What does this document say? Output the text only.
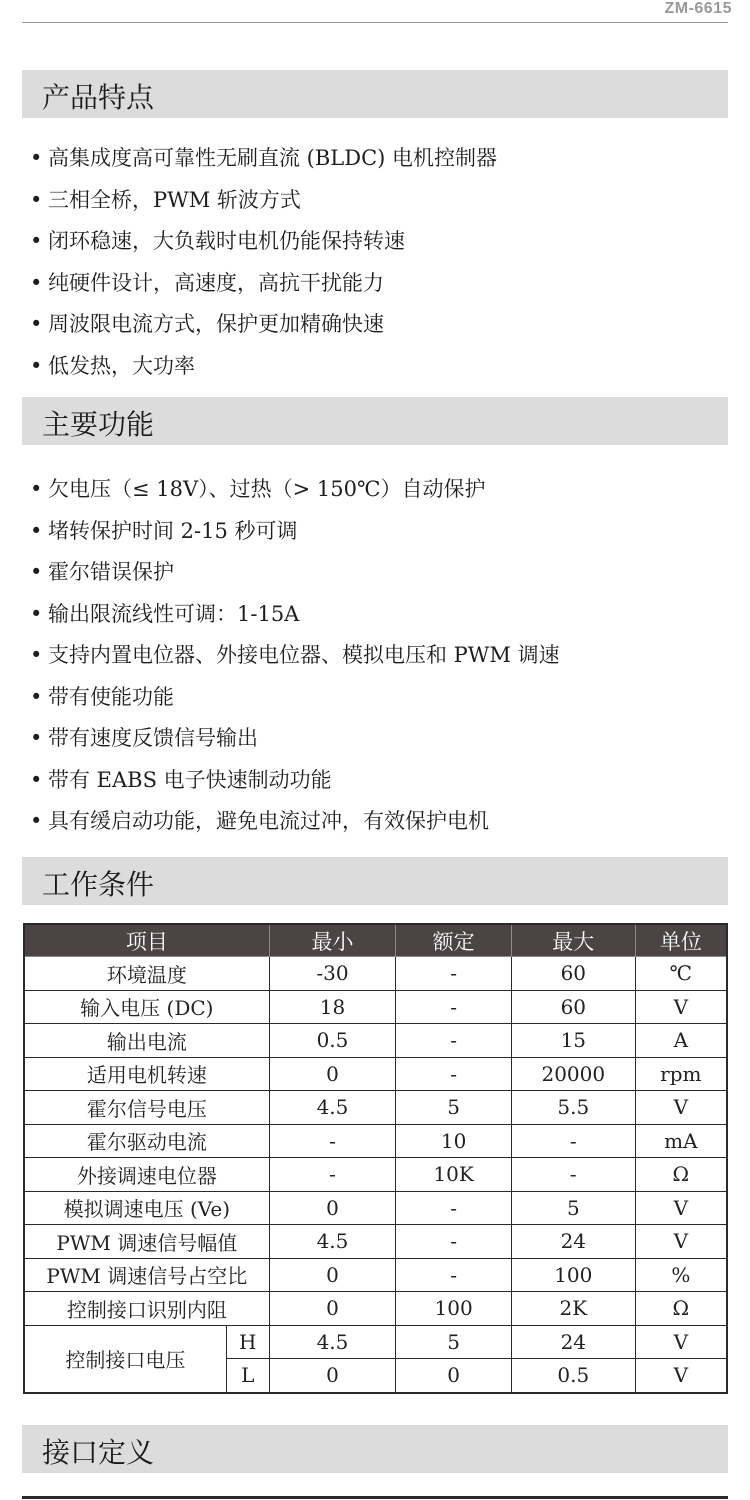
ZM-6615
产品特点
• 高集成度高可靠性无刷直流 (BLDC) 电机控制器
• 三相全桥，PWM 斩波方式
• 闭环稳速，大负载时电机仍能保持转速
• 纯硬件设计，高速度，高抗干扰能力
• 周波限电流方式，保护更加精确快速
• 低发热，大功率
主要功能
• 欠电压（≤ 18V）、过热（> 150℃）自动保护
• 堵转保护时间 2-15 秒可调
• 霍尔错误保护
• 输出限流线性可调：1-15A
• 支持内置电位器、外接电位器、模拟电压和 PWM 调速
• 带有使能功能
• 带有速度反馈信号输出
• 带有 EABS 电子快速制动功能
• 具有缓启动功能，避免电流过冲，有效保护电机
工作条件
项目		最小	额定	最大	单位
环境温度		-30	-	60	℃
输入电压 (DC)		18	-	60	V
输出电流		0.5	-	15	A
适用电机转速		0	-	20000	rpm
霍尔信号电压		4.5	5	5.5	V
霍尔驱动电流		-	10	-	mA
外接调速电位器		-	10K	-	Ω
模拟调速电压 (Ve)		0	-	5	V
PWM 调速信号幅值		4.5	-	24	V
PWM 调速信号占空比		0	-	100	%
控制接口识别内阻		0	100	2K	Ω
控制接口电压	H	4.5	5	24	V
	L	0	0	0.5	V
接口定义
